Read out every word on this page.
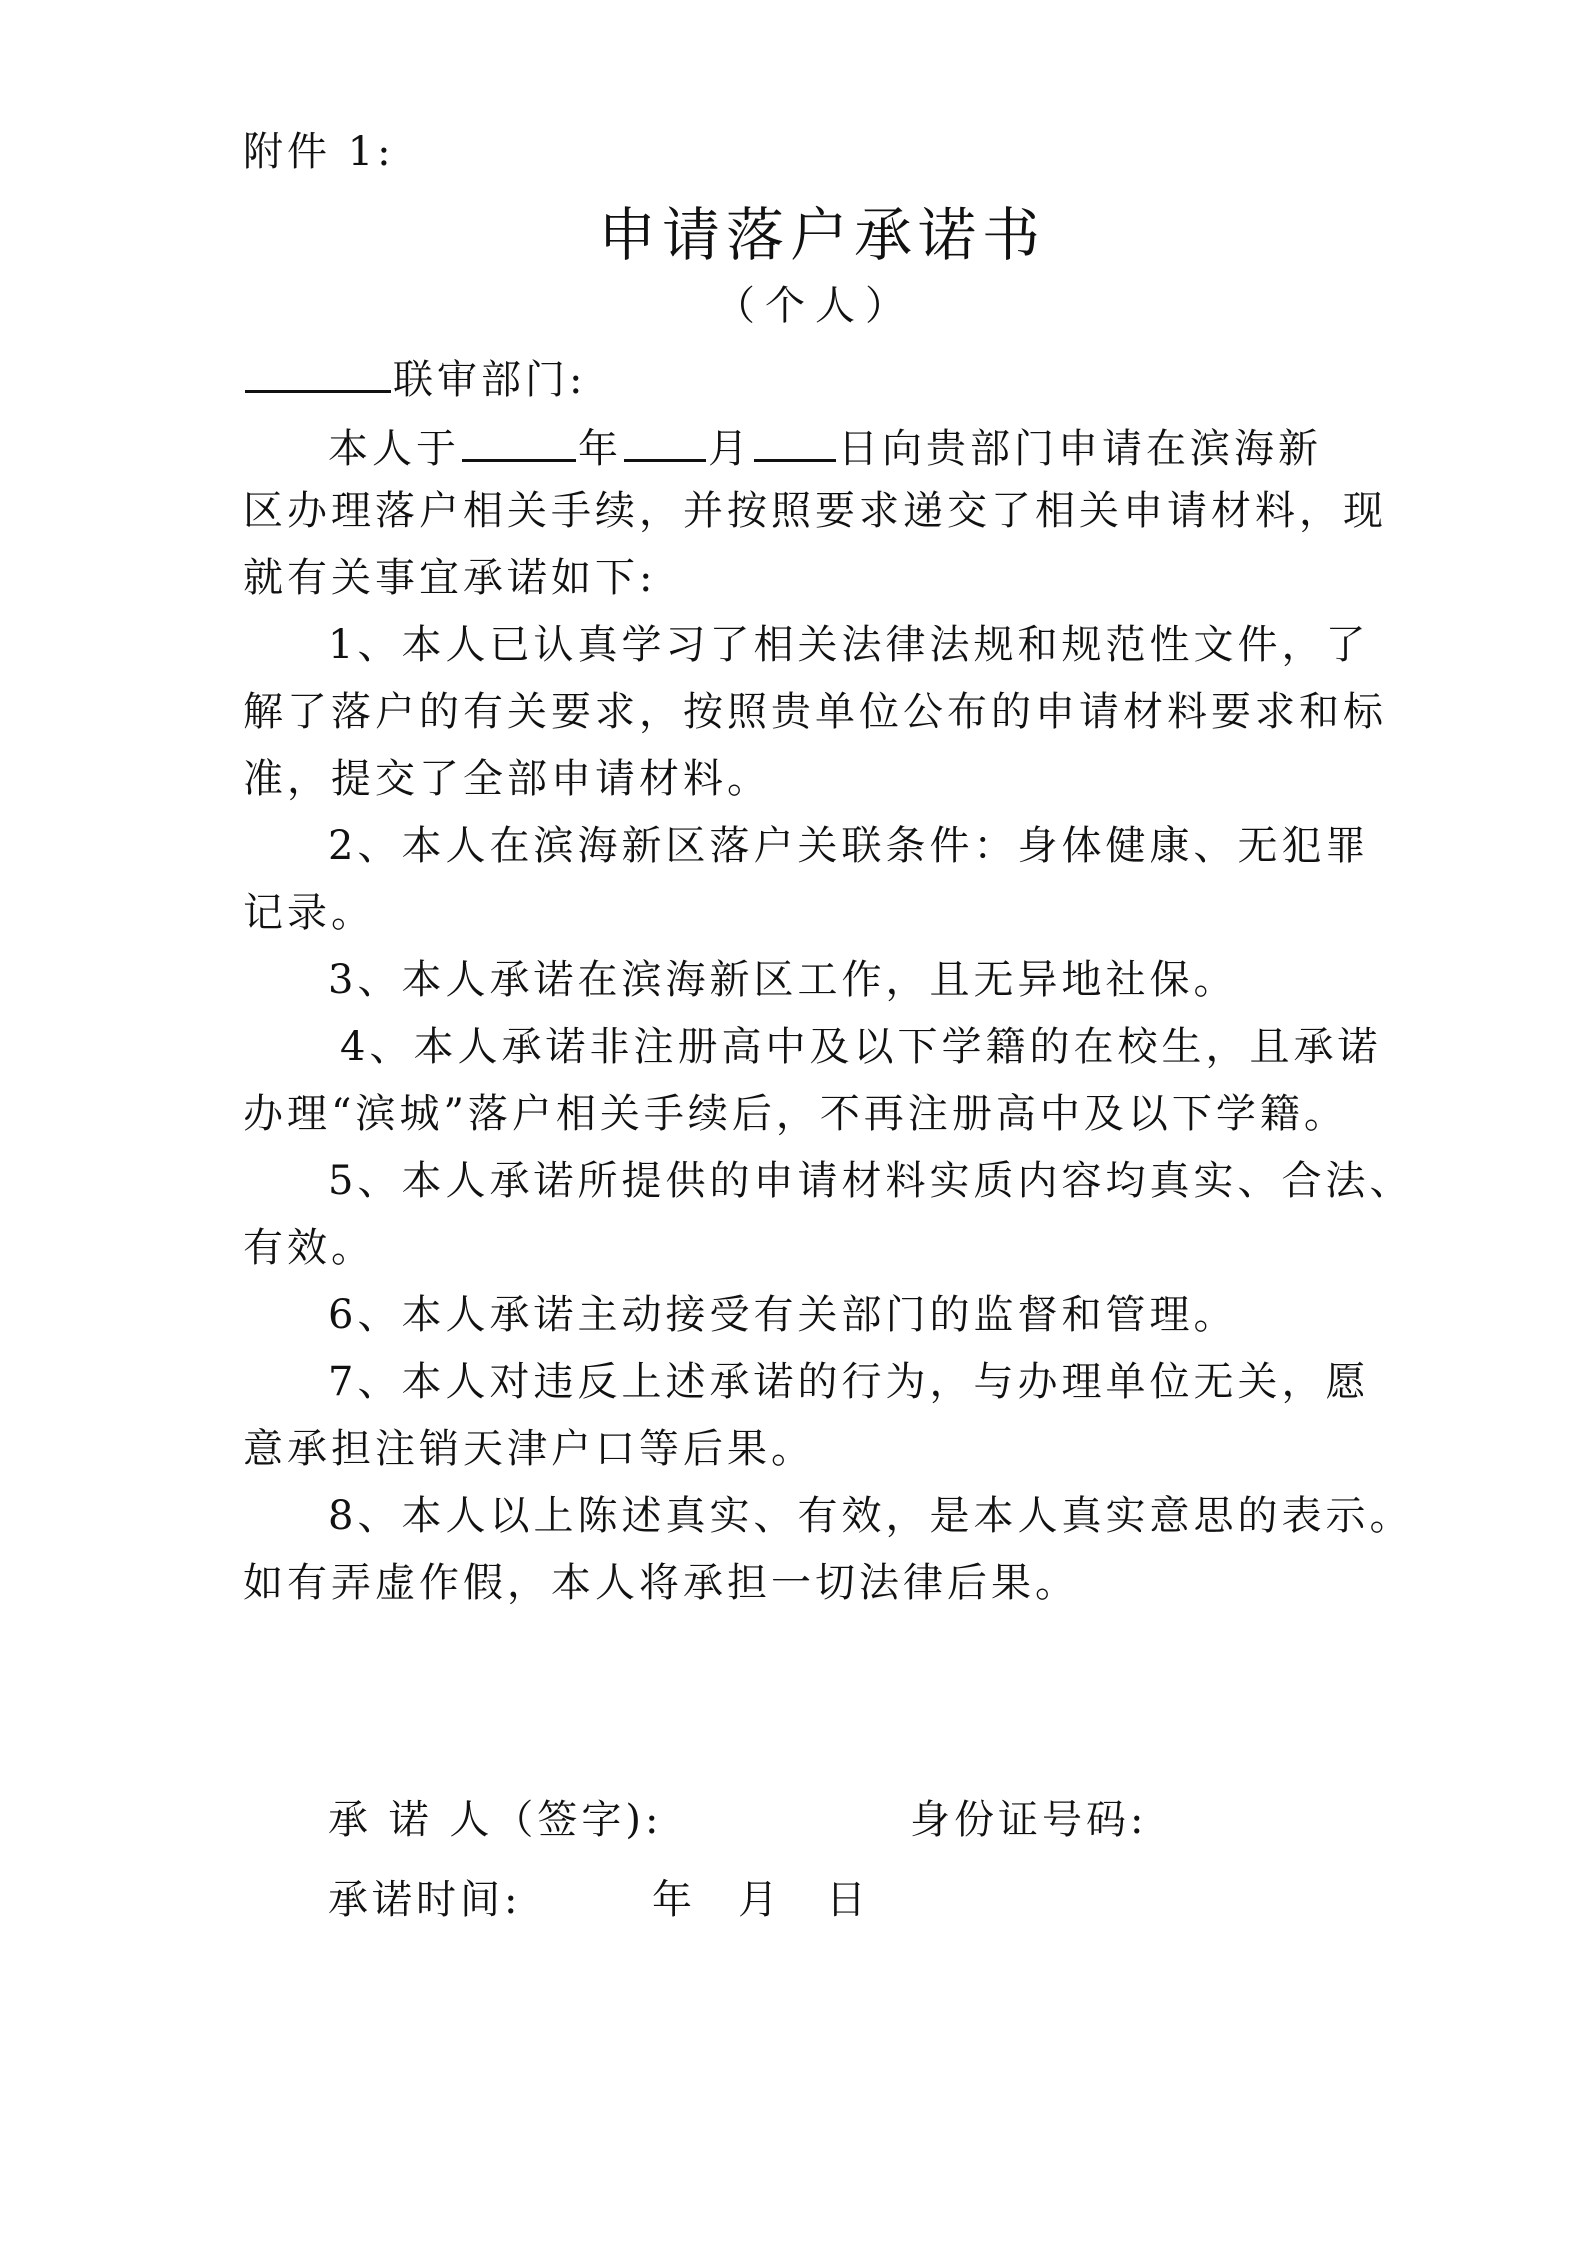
附件 1:

申请落户承诺书

（个人）

联审部门:

本人于	年 月 日向贵部门申请在滨海新

区办理落户相关手续，并按照要求递交了相关申请材料，现

就有关事宜承诺如下:

1、本人已认真学习了相关法律法规和规范性文件，了

解了落户的有关要求，按照贵单位公布的申请材料要求和标

准，提交了全部申请材料。

2、本人在滨海新区落户关联条件：身体健康、无犯罪

记录。

3、本人承诺在滨海新区工作，且无异地社保。

4、本人承诺非注册高中及以下学籍的在校生，且承诺

办理“滨城”落户相关手续后，不再注册高中及以下学籍。

5、本人承诺所提供的申请材料实质内容均真实、合法、

有效。

6、本人承诺主动接受有关部门的监督和管理。

7、本人对违反上述承诺的行为，与办理单位无关，愿

意承担注销天津户口等后果。

8、本人以上陈述真实、有效，是本人真实意思的表示。

如有弄虚作假，本人将承担一切法律后果。

承 诺 人（签字):	身份证号码:

承诺时间:	年 月 日
